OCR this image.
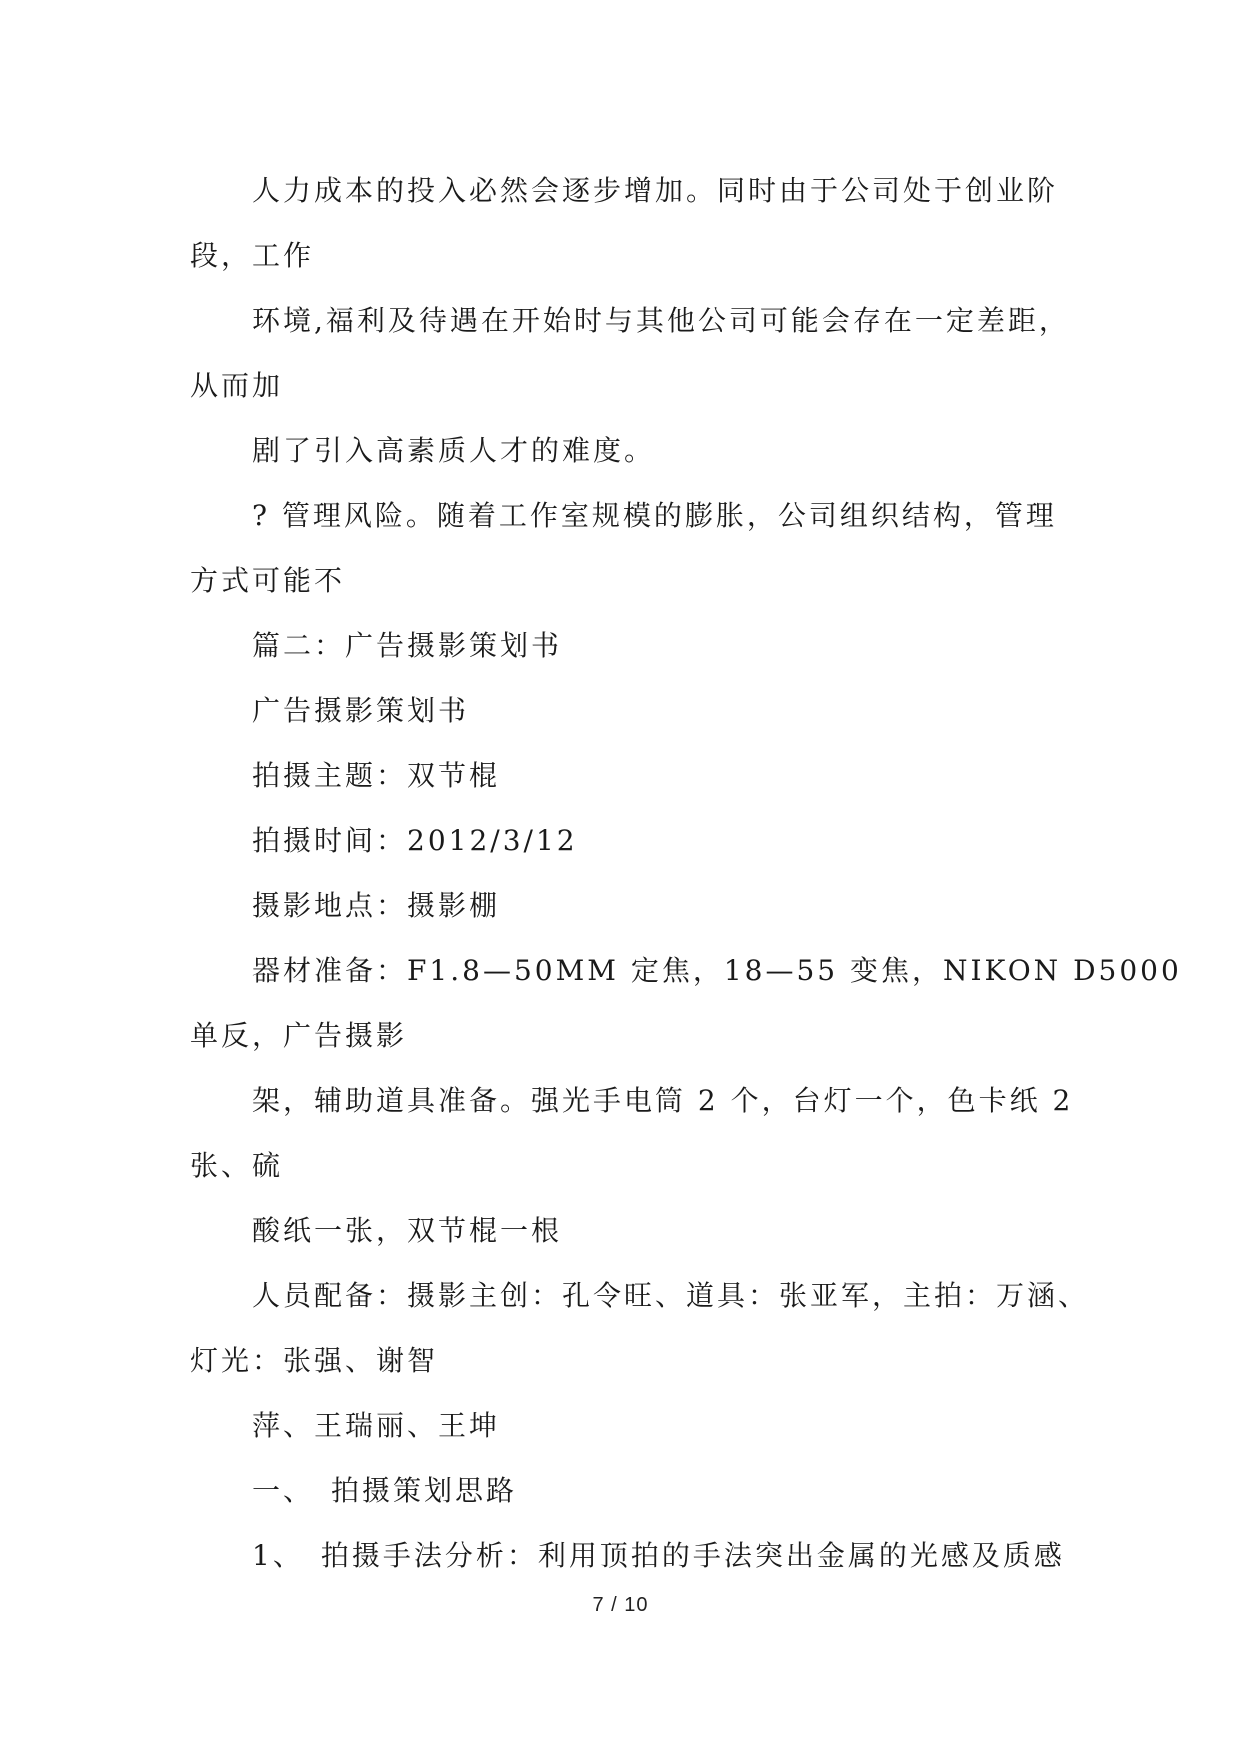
人力成本的投入必然会逐步增加。同时由于公司处于创业阶

段，工作

环境,福利及待遇在开始时与其他公司可能会存在一定差距，

从而加

剧了引入高素质人才的难度。

? 管理风险。随着工作室规模的膨胀，公司组织结构，管理

方式可能不

篇二：广告摄影策划书

广告摄影策划书

拍摄主题：双节棍

拍摄时间：2012/3/12

摄影地点：摄影棚

器材准备：F1.8—50MM 定焦，18—55 变焦，NIKON D5000

单反，广告摄影

架，辅助道具准备。强光手电筒 2 个，台灯一个，色卡纸 2

张、硫

酸纸一张，双节棍一根

人员配备：摄影主创：孔令旺、道具：张亚军，主拍：万涵、

灯光：张强、谢智

萍、王瑞丽、王坤

一、　拍摄策划思路

1、　拍摄手法分析：利用顶拍的手法突出金属的光感及质感

7 / 10
